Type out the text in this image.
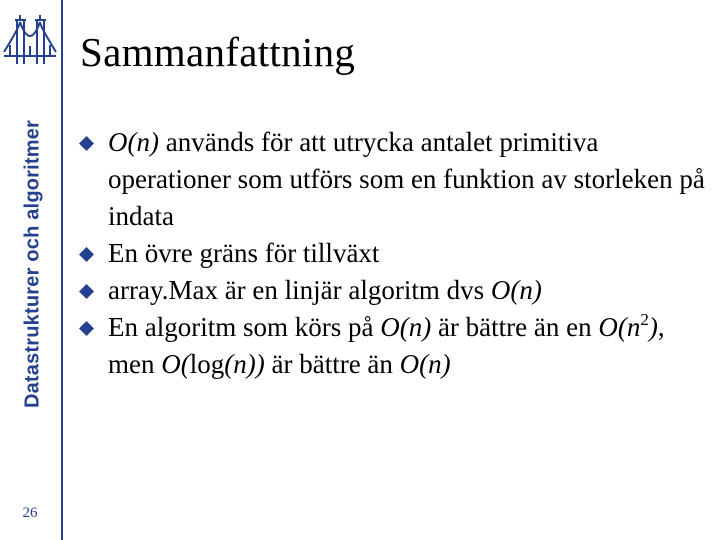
Datastrukturer och algoritmer
26
Sammanfattning
O(n) används för att utrycka antalet primitiva operationer som utförs som en funktion av storleken på indata
En övre gräns för tillväxt
array.Max är en linjär algoritm dvs O(n)
En algoritm som körs på O(n) är bättre än en $O(n^2)$, men O(log(n)) är bättre än O(n)
